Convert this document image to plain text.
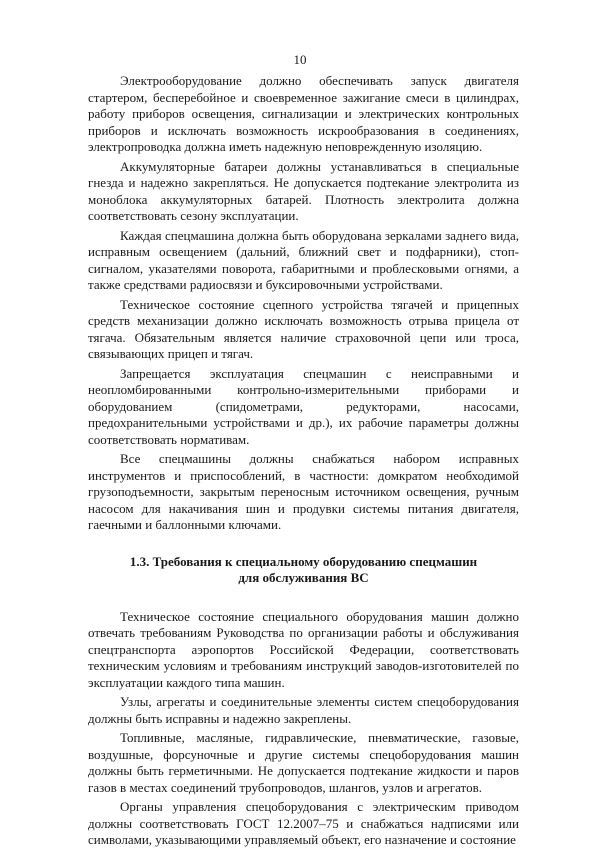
10

Электрооборудование должно обеспечивать запуск двигателя стартером, бесперебойное и своевременное зажигание смеси в цилиндрах, работу приборов освещения, сигнализации и электрических контрольных приборов и исключать возможность искрообразования в соединениях, электропроводка должна иметь надежную неповрежденную изоляцию.

Аккумуляторные батареи должны устанавливаться в специальные гнезда и надежно закрепляться. Не допускается подтекание электролита из моноблока аккумуляторных батарей. Плотность электролита должна соответствовать сезону эксплуатации.

Каждая спецмашина должна быть оборудована зеркалами заднего вида, исправным освещением (дальний, ближний свет и подфарники), стоп-сигналом, указателями поворота, габаритными и проблесковыми огнями, а также средствами радиосвязи и буксировочными устройствами.

Техническое состояние сцепного устройства тягачей и прицепных средств механизации должно исключать возможность отрыва прицела от тягача. Обязательным является наличие страховочной цепи или троса, связывающих прицеп и тягач.

Запрещается эксплуатация спецмашин с неисправными и неопломбированными контрольно-измерительными приборами и оборудованием (спидометрами, редукторами, насосами, предохранительными устройствами и др.), их рабочие параметры должны соответствовать нормативам.

Все спецмашины должны снабжаться набором исправных инструментов и приспособлений, в частности: домкратом необходимой грузоподъемности, закрытым переносным источником освещения, ручным насосом для накачивания шин и продувки системы питания двигателя, гаечными и баллонными ключами.

1.3. Требования к специальному оборудованию спецмашин
для обслуживания ВС

Техническое состояние специального оборудования машин должно отвечать требованиям Руководства по организации работы и обслуживания спецтранспорта аэропортов Российской Федерации, соответствовать техническим условиям и требованиям инструкций заводов-изготовителей по эксплуатации каждого типа машин.

Узлы, агрегаты и соединительные элементы систем спецоборудования должны быть исправны и надежно закреплены.

Топливные, масляные, гидравлические, пневматические, газовые, воздушные, форсуночные и другие системы спецоборудования машин должны быть герметичными. Не допускается подтекание жидкости и паров газов в местах соединений трубопроводов, шлангов, узлов и агрегатов.

Органы управления спецоборудования с электрическим приводом должны соответствовать ГОСТ 12.2007–75 и снабжаться надписями или символами, указывающими управляемый объект, его назначение и состояние
